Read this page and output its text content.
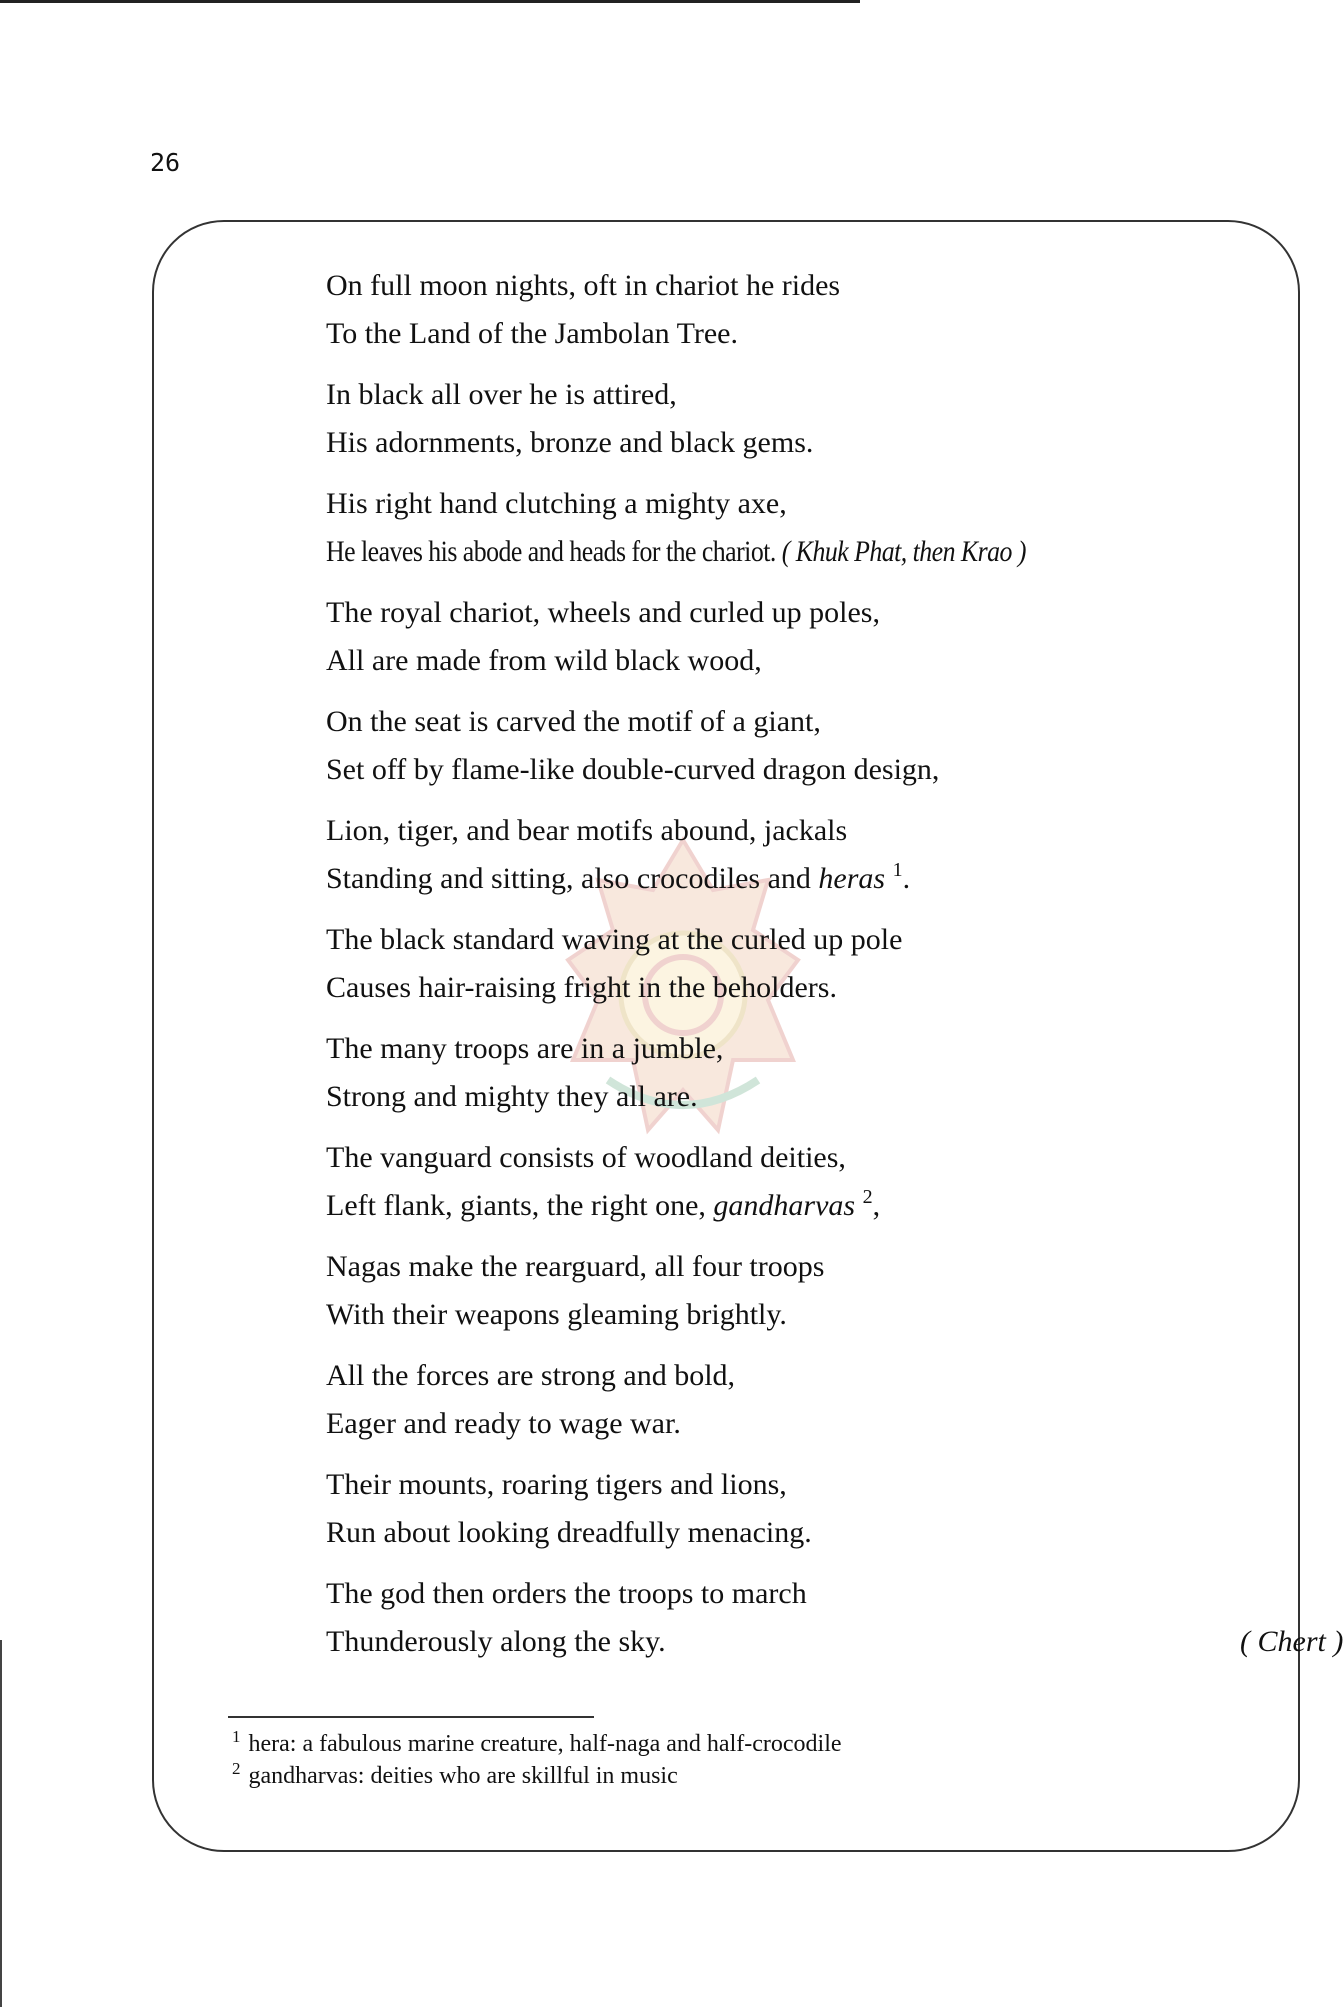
26
On full moon nights, oft in chariot he rides
To the Land of the Jambolan Tree.
In black all over he is attired,
His adornments, bronze and black gems.
His right hand clutching a mighty axe,
He leaves his abode and heads for the chariot. ( Khuk Phat, then Krao )
The royal chariot, wheels and curled up poles,
All are made from wild black wood,
On the seat is carved the motif of a giant,
Set off by flame-like double-curved dragon design,
Lion, tiger, and bear motifs abound, jackals
Standing and sitting, also crocodiles and heras $^1$.
The black standard waving at the curled up pole
Causes hair-raising fright in the beholders.
The many troops are in a jumble,
Strong and mighty they all are.
The vanguard consists of woodland deities,
Left flank, giants, the right one, gandharvas $^2$,
Nagas make the rearguard, all four troops
With their weapons gleaming brightly.
All the forces are strong and bold,
Eager and ready to wage war.
Their mounts, roaring tigers and lions,
Run about looking dreadfully menacing.
The god then orders the troops to march
Thunderously along the sky.	( Chert )
$^1$ hera: a fabulous marine creature, half-naga and half-crocodile
$^2$ gandharvas: deities who are skillful in music
